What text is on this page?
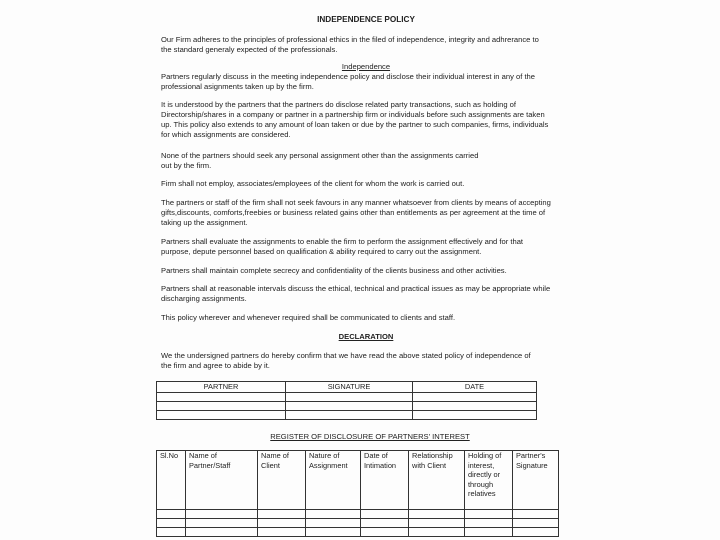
INDEPENDENCE POLICY

Our Firm adheres to the principles of professional ethics in the filed of independence, integrity and adhrerance to the standard generaly expected of the professionals.

Independence

Partners regularly discuss in the meeting independence policy and disclose their individual interest in any of the professional asignments taken up by the firm.

It is understood by the partners that the partners do disclose related party transactions, such as holding of Directorship/shares in a company or partner in a partnership firm or individuals before such assignments are taken up. This policy also extends to any amount of loan taken or due by the partner to such companies, firms, individuals for which assignments are considered.

None of the partners should seek any personal assignment other than the assignments carried out by the firm.

Firm shall not employ, associates/employees of the client for whom the work is carried out.

The partners or staff of the firm shall not seek favours in any manner whatsoever from clients by means of accepting gifts,discounts, comforts,freebies or business related gains other than entitlements as per agreement at the time of taking up the assignment.

Partners shall evaluate the assignments to enable the firm to perform the assignment effectively and for that purpose, depute personnel based on qualification & ability required to carry out the assignment.

Partners shall maintain complete secrecy and confidentiality of the clients business and other activities.

Partners shall at reasonable intervals discuss the ethical, technical and practical issues as may be appropriate while discharging assignments.

This policy wherever and whenever required shall be communicated to clients and staff.

DECLARATION

We the undersigned partners do hereby confirm that we have read the above stated policy of independence of the firm and agree to abide by it.

PARTNER	SIGNATURE	DATE

REGISTER OF DISCLOSURE OF PARTNERS' INTEREST
Sl.No	Name of Partner/Staff	Name of Client	Nature of Assignment	Date of Intimation	Relationship with Client	Holding of interest, directly or through relatives	Partner's Signature
